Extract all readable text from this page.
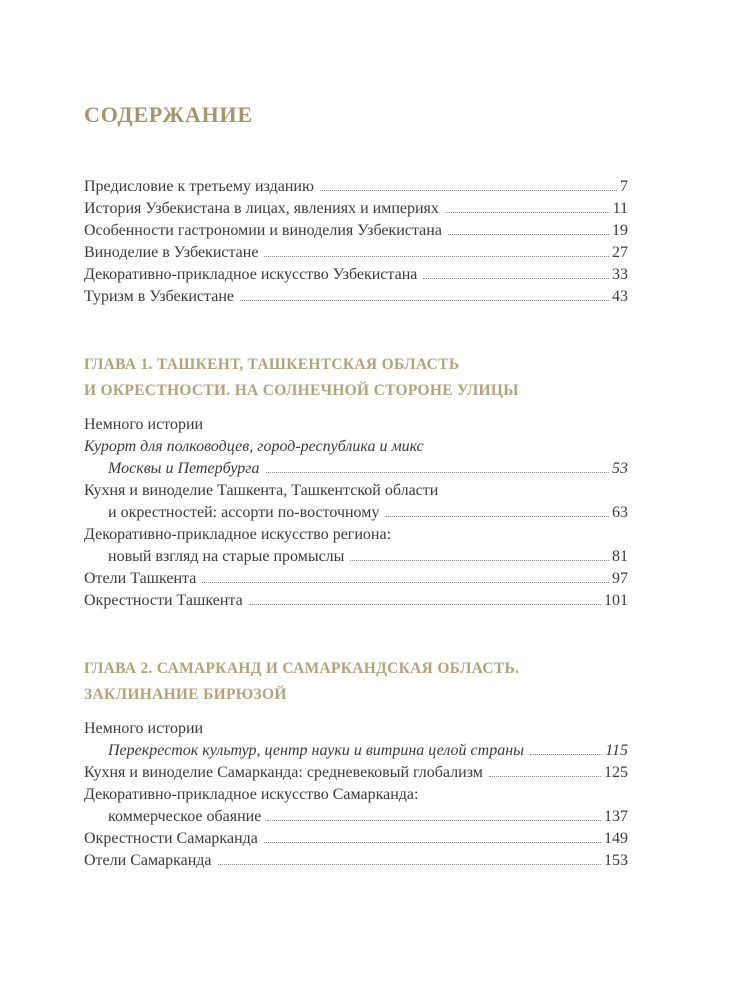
СОДЕРЖАНИЕ
Предисловие к третьему изданию	7
История Узбекистана в лицах, явлениях и империях	11
Особенности гастрономии и виноделия Узбекистана	19
Виноделие в Узбекистане	27
Декоративно-прикладное искусство Узбекистана	33
Туризм в Узбекистане	43
ГЛАВА 1. ТАШКЕНТ, ТАШКЕНТСКАЯ ОБЛАСТЬ
И ОКРЕСТНОСТИ. НА СОЛНЕЧНОЙ СТОРОНЕ УЛИЦЫ
Немного истории
Курорт для полководцев, город-республика и микс
Москвы и Петербурга	53
Кухня и виноделие Ташкента, Ташкентской области
и окрестностей: ассорти по-восточному	63
Декоративно-прикладное искусство региона:
новый взгляд на старые промыслы	81
Отели Ташкента	97
Окрестности Ташкента	101
ГЛАВА 2. САМАРКАНД И САМАРКАНДСКАЯ ОБЛАСТЬ.
ЗАКЛИНАНИЕ БИРЮЗОЙ
Немного истории
Перекресток культур, центр науки и витрина целой страны	115
Кухня и виноделие Самарканда: средневековый глобализм	125
Декоративно-прикладное искусство Самарканда:
коммерческое обаяние	137
Окрестности Самарканда	149
Отели Самарканда	153
